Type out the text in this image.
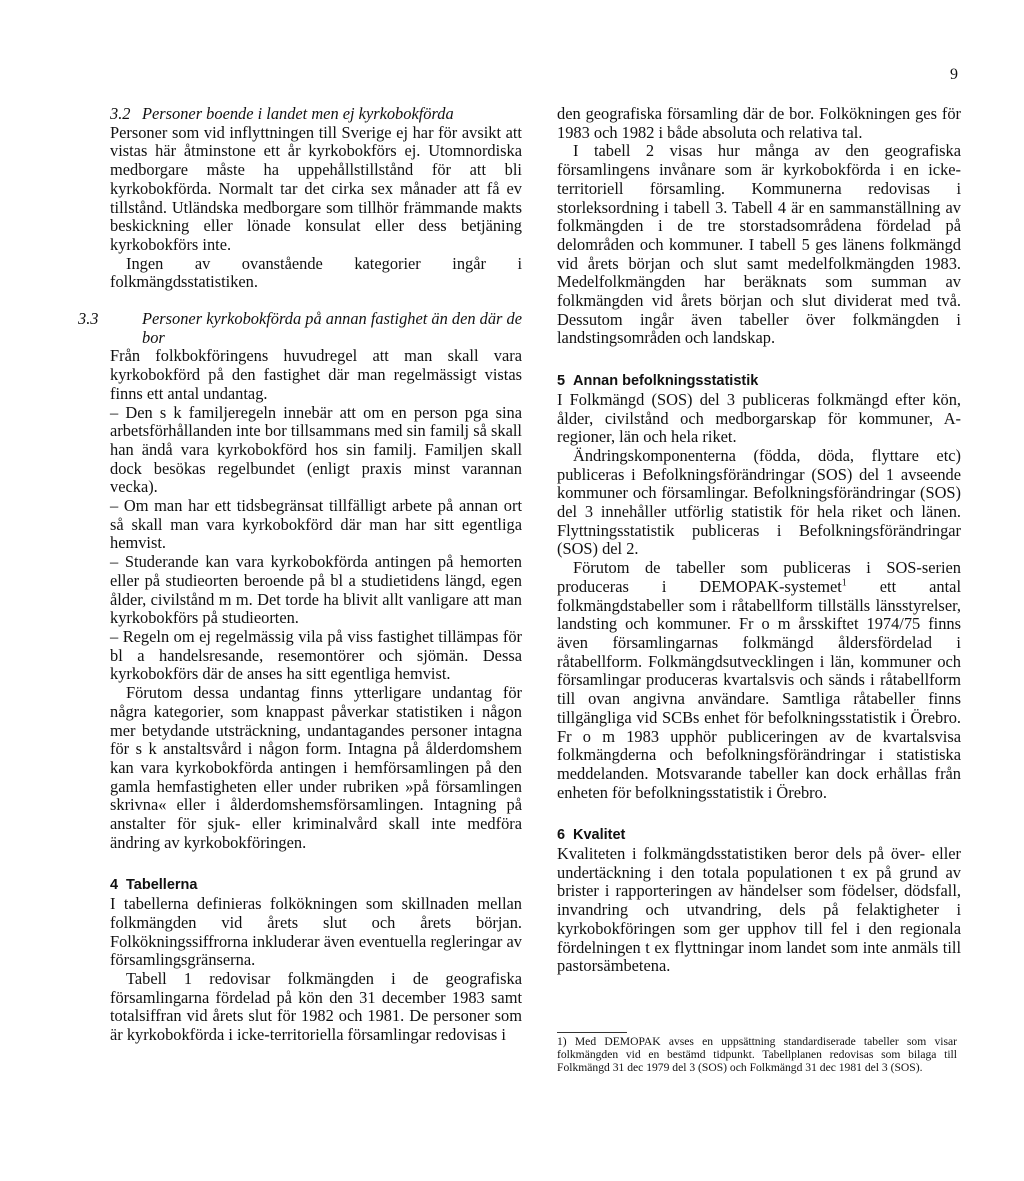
9

3.2 Personer boende i landet men ej kyrkobokförda

Personer som vid inflyttningen till Sverige ej har för avsikt att vistas här åtminstone ett år kyrkobokförs ej. Utomnordiska medborgare måste ha uppehållstillstånd för att bli kyrkobokförda. Normalt tar det cirka sex månader att få ev tillstånd. Utländska medborgare som tillhör främmande makts beskickning eller lönade konsulat eller dess betjäning kyrkobokförs inte.

Ingen av ovanstående kategorier ingår i folkmängdsstatistiken.

3.3	Personer kyrkobokförda på annan fastighet än den där de bor

Från folkbokföringens huvudregel att man skall vara kyrkobokförd på den fastighet där man regelmässigt vistas finns ett antal undantag.

– Den s k familjeregeln innebär att om en person pga sina arbetsförhållanden inte bor tillsammans med sin familj så skall han ändå vara kyrkobokförd hos sin familj. Familjen skall dock besökas regelbundet (enligt praxis minst varannan vecka).

– Om man har ett tidsbegränsat tillfälligt arbete på annan ort så skall man vara kyrkobokförd där man har sitt egentliga hemvist.

– Studerande kan vara kyrkobokförda antingen på hemorten eller på studieorten beroende på bl a studietidens längd, egen ålder, civilstånd m m. Det torde ha blivit allt vanligare att man kyrkobokförs på studieorten.

– Regeln om ej regelmässig vila på viss fastighet tillämpas för bl a handelsresande, resemontörer och sjömän. Dessa kyrkobokförs där de anses ha sitt egentliga hemvist.

Förutom dessa undantag finns ytterligare undantag för några kategorier, som knappast påverkar statistiken i någon mer betydande utsträckning, undantagandes personer intagna för s k anstaltsvård i någon form. Intagna på ålderdomshem kan vara kyrkobokförda antingen i hemförsamlingen på den gamla hemfastigheten eller under rubriken »på församlingen skrivna« eller i ålderdomshemsförsamlingen. Intagning på anstalter för sjuk- eller kriminalvård skall inte medföra ändring av kyrkobokföringen.

4 Tabellerna

I tabellerna definieras folkökningen som skillnaden mellan folkmängden vid årets slut och årets början. Folkökningssiffrorna inkluderar även eventuella regleringar av församlingsgränserna.

Tabell 1 redovisar folkmängden i de geografiska församlingarna fördelad på kön den 31 december 1983 samt totalsiffran vid årets slut för 1982 och 1981. De personer som är kyrkobokförda i icke-territoriella församlingar redovisas i

den geografiska församling där de bor. Folkökningen ges för 1983 och 1982 i både absoluta och relativa tal.

I tabell 2 visas hur många av den geografiska församlingens invånare som är kyrkobokförda i en icke-territoriell församling. Kommunerna redovisas i storleksordning i tabell 3. Tabell 4 är en sammanställning av folkmängden i de tre storstadsområdena fördelad på delområden och kommuner. I tabell 5 ges länens folkmängd vid årets början och slut samt medelfolkmängden 1983. Medelfolkmängden har beräknats som summan av folkmängden vid årets början och slut dividerat med två. Dessutom ingår även tabeller över folkmängden i landstingsområden och landskap.

5 Annan befolkningsstatistik

I Folkmängd (SOS) del 3 publiceras folkmängd efter kön, ålder, civilstånd och medborgarskap för kommuner, A-regioner, län och hela riket.

Ändringskomponenterna (födda, döda, flyttare etc) publiceras i Befolkningsförändringar (SOS) del 1 avseende kommuner och församlingar. Befolkningsförändringar (SOS) del 3 innehåller utförlig statistik för hela riket och länen. Flyttningsstatistik publiceras i Befolkningsförändringar (SOS) del 2.

Förutom de tabeller som publiceras i SOS-serien produceras i DEMOPAK-systemet$^1$ ett antal folkmängdstabeller som i råtabellform tillställs länsstyrelser, landsting och kommuner. Fr o m årsskiftet 1974/75 finns även församlingarnas folkmängd åldersfördelad i råtabellform. Folkmängdsutvecklingen i län, kommuner och församlingar produceras kvartalsvis och sänds i råtabellform till ovan angivna användare. Samtliga råtabeller finns tillgängliga vid SCBs enhet för befolkningsstatistik i Örebro. Fr o m 1983 upphör publiceringen av de kvartalsvisa folkmängderna och befolkningsförändringar i statistiska meddelanden. Motsvarande tabeller kan dock erhållas från enheten för befolkningsstatistik i Örebro.

6 Kvalitet

Kvaliteten i folkmängdsstatistiken beror dels på över- eller undertäckning i den totala populationen t ex på grund av brister i rapporteringen av händelser som födelser, dödsfall, invandring och utvandring, dels på felaktigheter i kyrkobokföringen som ger upphov till fel i den regionala fördelningen t ex flyttningar inom landet som inte anmäls till pastorsämbetena.

1) Med DEMOPAK avses en uppsättning standardiserade tabeller som visar folkmängden vid en bestämd tidpunkt. Tabellplanen redovisas som bilaga till Folkmängd 31 dec 1979 del 3 (SOS) och Folkmängd 31 dec 1981 del 3 (SOS).
